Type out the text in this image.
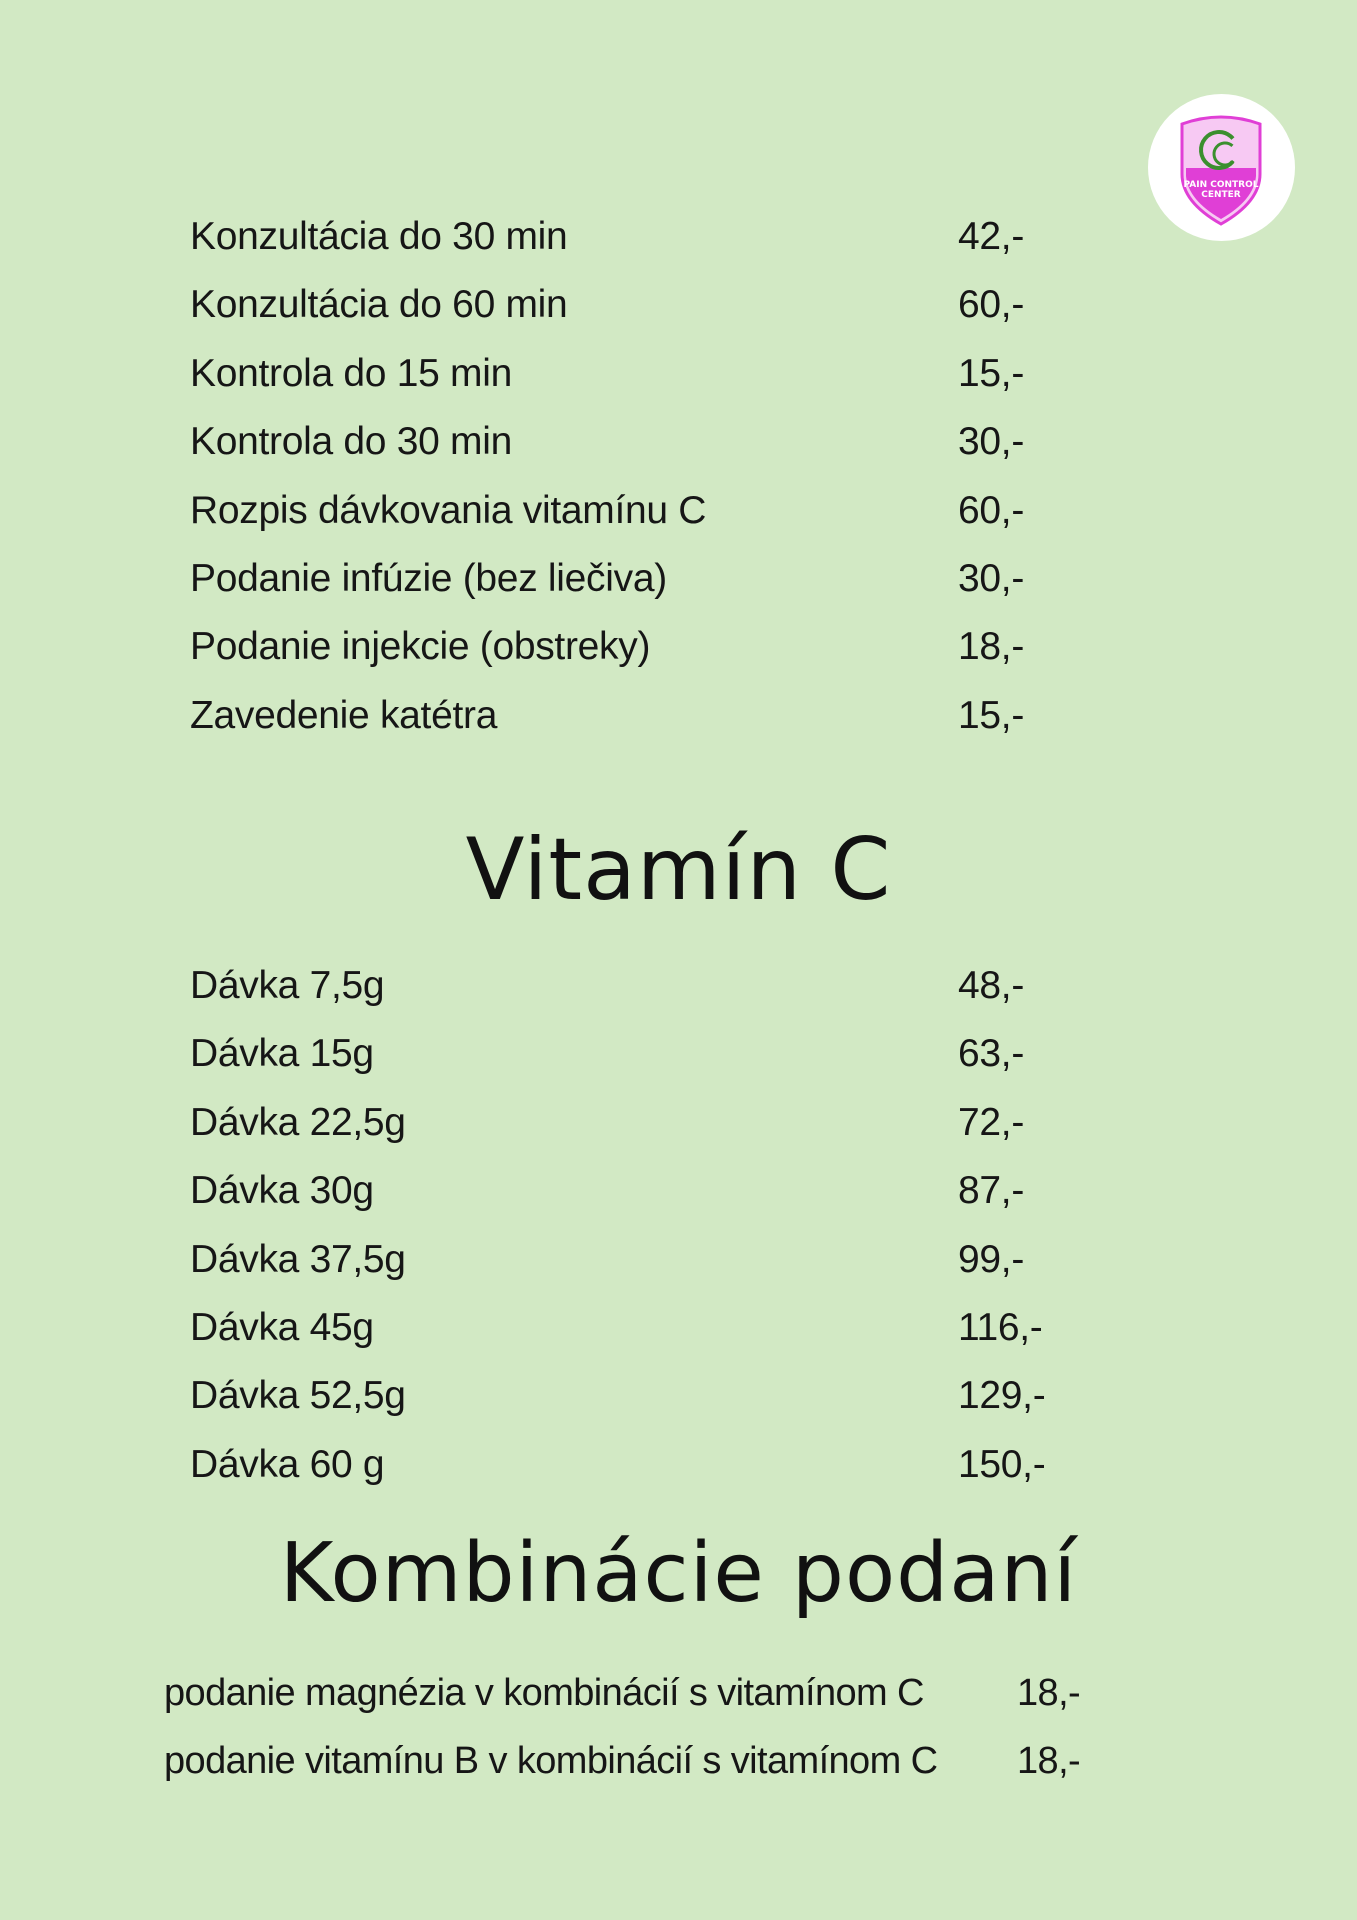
PAIN CONTROL
CENTER
Konzultácia do 30 min	42,-
Konzultácia do 60 min	60,-
Kontrola do 15 min	15,-
Kontrola do 30 min	30,-
Rozpis dávkovania vitamínu C	60,-
Podanie infúzie (bez liečiva)	30,-
Podanie injekcie (obstreky)	18,-
Zavedenie katétra	15,-
Vitamín C
Dávka 7,5g	48,-
Dávka 15g	63,-
Dávka 22,5g	72,-
Dávka 30g	87,-
Dávka 37,5g	99,-
Dávka 45g	116,-
Dávka 52,5g	129,-
Dávka 60 g	150,-
Kombinácie podaní
podanie magnézia v kombinácií s vitamínom C 18,-
podanie vitamínu B v kombinácií s vitamínom C 18,-
